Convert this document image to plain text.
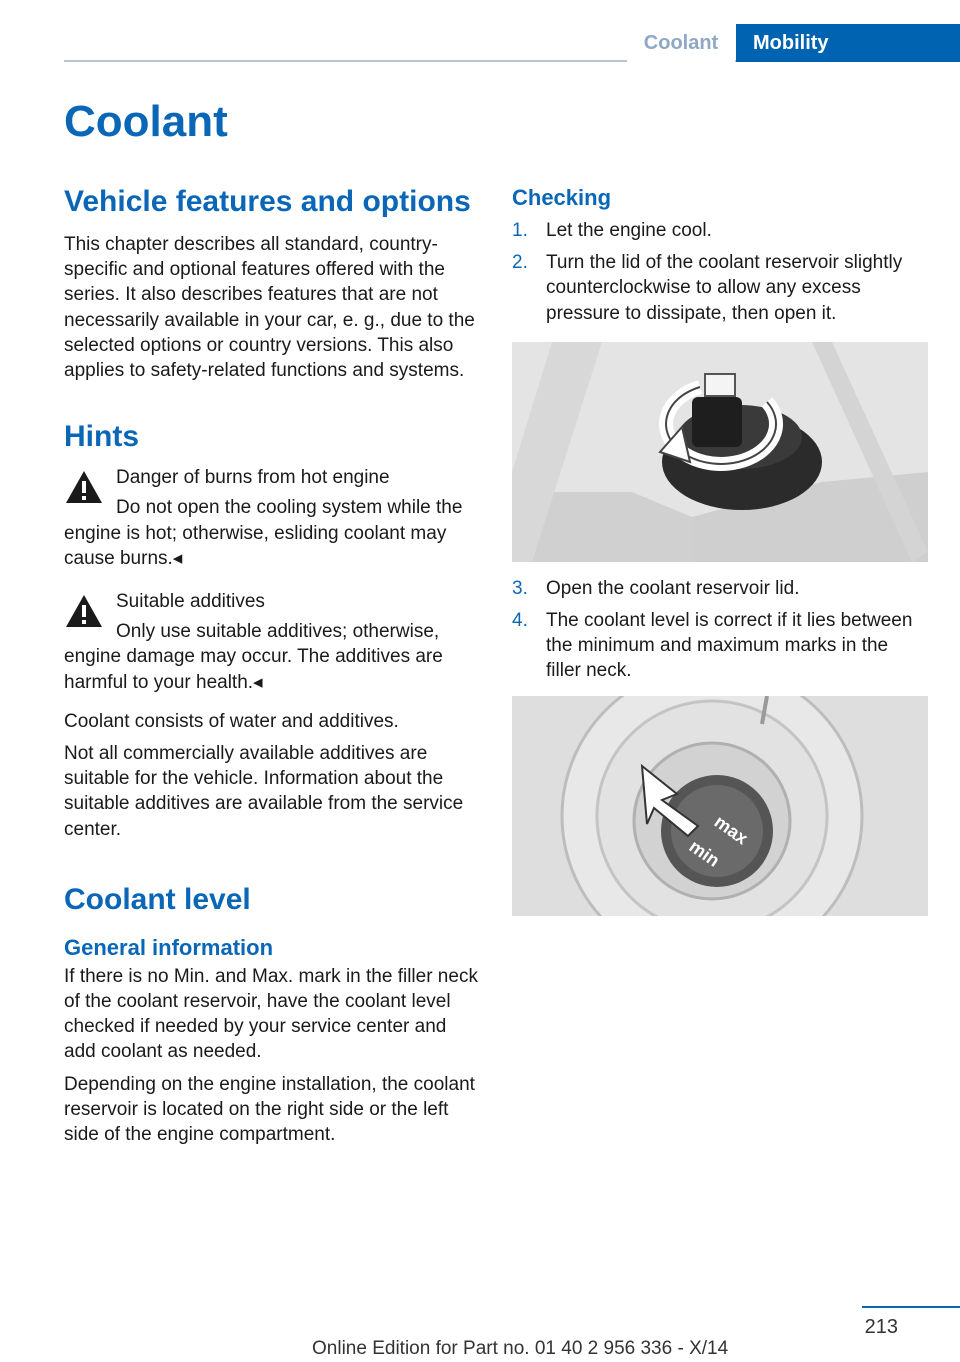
Coolant	Mobility
Coolant
Vehicle features and options

This chapter describes all standard, country-specific and optional features offered with the series. It also describes features that are not necessarily available in your car, e. g., due to the selected options or country versions. This also applies to safety-related functions and systems.

Hints
Danger of burns from hot engine
Do not open the cooling system while the engine is hot; otherwise, esliding coolant may cause burns.◂
Suitable additives
Only use suitable additives; otherwise, engine damage may occur. The additives are harmful to your health.◂

Coolant consists of water and additives.

Not all commercially available additives are suitable for the vehicle. Information about the suitable additives are available from the service center.

Coolant level
General information

If there is no Min. and Max. mark in the filler neck of the coolant reservoir, have the coolant level checked if needed by your service center and add coolant as needed.

Depending on the engine installation, the coolant reservoir is located on the right side or the left side of the engine compartment.

Checking
1. Let the engine cool.
2. Turn the lid of the coolant reservoir slightly counterclockwise to allow any excess pressure to dissipate, then open it.
3. Open the coolant reservoir lid.
4. The coolant level is correct if it lies between the minimum and maximum marks in the filler neck.
max
min
213
Online Edition for Part no. 01 40 2 956 336 - X/14
